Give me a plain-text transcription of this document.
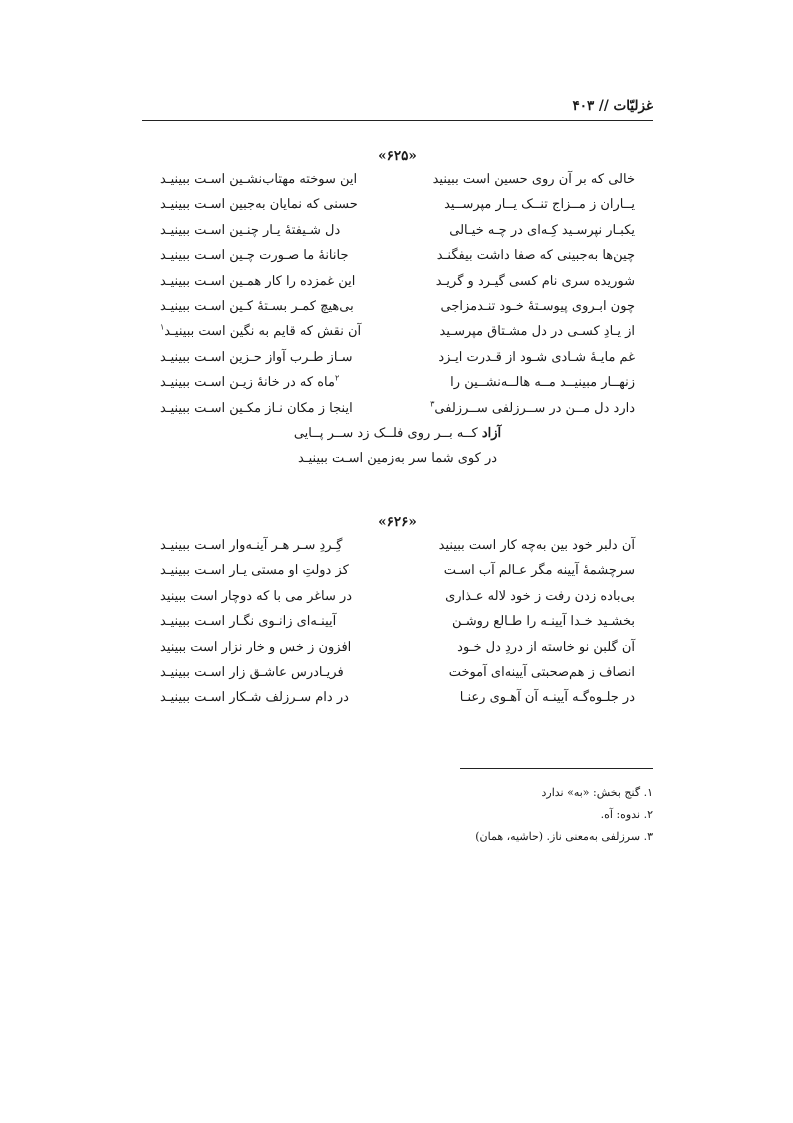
غزلیّات // ۴۰۳
«۶۲۵»
خالی که بر آن روی حسین است ببینید
این سوخته مهتاب‌نشـین اسـت ببینیـد
یــاران ز مــزاج تنــک یــار مپرســید
حسنی که نمایان به‌جبین اسـت ببینیـد
یکبـار نپرسـید کِـه‌ای در چـه خیـالی
دل شـیفتهٔ یـار چنـین اسـت ببینیـد
چین‌ها به‌جبینی که صفا داشت بیفگنـد
جانانهٔ ما صـورت چـین اسـت ببینیـد
شوریده سری نام کسی گیـرد و گریـد
این غمزده را کار همـین اسـت ببینیـد
چون ابـروی پیوسـتهٔ خـود تنـدمزاجی
بی‌هیچ کمـر بسـتهٔ کـین اسـت ببینیـد
از یـادِ کسـی در دل مشـتاق مپرسـید
آن نقش که قایم به نگین است ببینیـد$^۱$
غم مایـهٔ شـادی شـود از قـدرت ایـزد
سـاز طـرب آواز حـزین اسـت ببینیـد
زنهــار مبینیــد مــه هالــه‌نشــین را
$^۲$ماه که در خانهٔ زیـن اسـت ببینیـد
دارد دل مــن در ســرزلفی ســرزلفی$^۳$
اینجا ز مکان نـاز مکـین اسـت ببینیـد
آزاد کــه بــر روی فلــک زد ســر پــایی
در کوی شما سر به‌زمین اسـت ببینیـد
«۶۲۶»
آن دلبر خود بین به‌چه کار است ببینید
گِـردِ سـر هـر آینـه‌وار اسـت ببینیـد
سرچشمهٔ آیینه مگر عـالم آب اسـت
کز دولتِ او مستی یـار اسـت ببینیـد
بی‌باده زدن رفت ز خود لاله عـذاری
در ساغر می با که دوچار است ببینید
بخشـید خـدا آیینـه را طـالع روشـن
آیینـه‌ای زانـوی نگـار اسـت ببینیـد
آن گلبن نو خاسته از دردِ دل خـود
افزون ز خس و خار نزار است ببینید
انصاف ز هم‌صحبتی آیینه‌ای آموخت
فریـادرس عاشـق زار اسـت ببینیـد
در جلـوه‌گـه آیینـه آن آهـوی رعنـا
در دام سـرزلف شـکار اسـت ببینیـد
۱. گنج بخش: «به» ندارد
۲. ندوه: آه.
۳. سرزلفی به‌معنی ناز. (حاشیه، همان)
